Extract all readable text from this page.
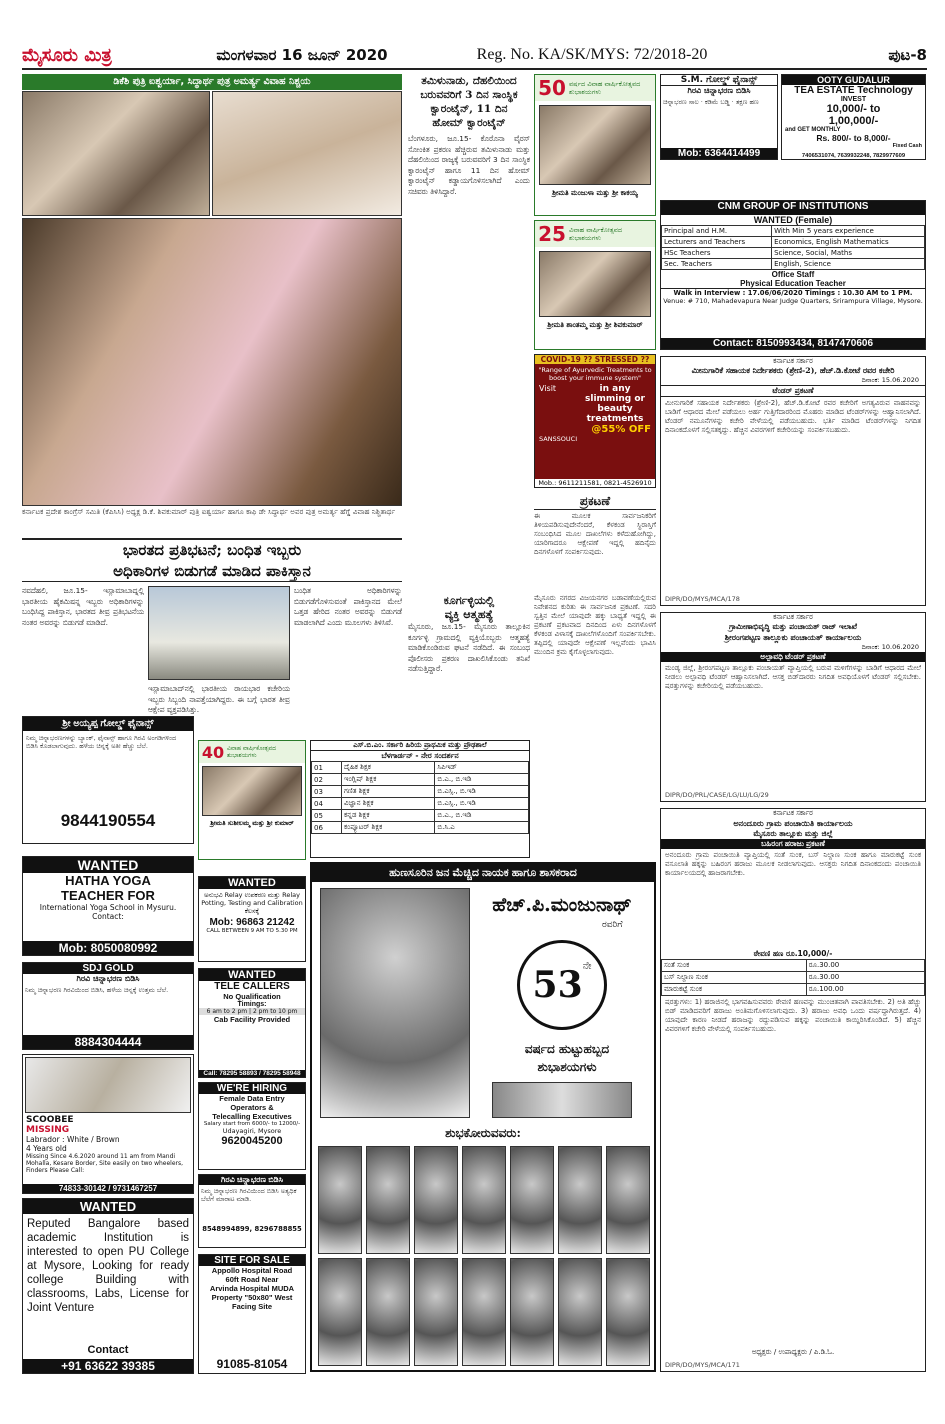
ಮೈಸೂರು ಮಿತ್ರ	ಮಂಗಳವಾರ 16 ಜೂನ್ 2020	Reg. No. KA/SK/MYS: 72/2018-20	ಪುಟ-8
ಡಿಕೆಶಿ ಪುತ್ರಿ ಐಶ್ವರ್ಯಾ, ಸಿದ್ಧಾರ್ಥ ಪುತ್ರ ಅಮರ್ತ್ಯ ವಿವಾಹ ನಿಶ್ಚಯ
ಕರ್ನಾಟಕ ಪ್ರದೇಶ ಕಾಂಗ್ರೆಸ್ ಸಮಿತಿ (ಕೆಪಿಸಿಸಿ) ಅಧ್ಯಕ್ಷ ಡಿ.ಕೆ. ಶಿವಕುಮಾರ್ ಪುತ್ರಿ ಐಶ್ವರ್ಯಾ ಹಾಗೂ ಕಾಫಿ ಡೇ ಸಿದ್ಧಾರ್ಥ ಅವರ ಪುತ್ರ ಅಮರ್ತ್ಯ ಹೆಗ್ಡೆ ವಿವಾಹ ನಿಶ್ಚಿತಾರ್ಥ
ತಮಿಳುನಾಡು, ದೆಹಲಿಯಿಂದ
ಬರುವವರಿಗೆ 3 ದಿನ ಸಾಂಸ್ಥಿಕ
ಕ್ವಾರಂಟೈನ್, 11 ದಿನ
ಹೋಮ್ ಕ್ವಾರಂಟೈನ್
ಬೆಂಗಳೂರು, ಜೂ.15- ಕೊರೊನಾ ವೈರಸ್ ಸೋಂಕಿತ ಪ್ರಕರಣ ಹೆಚ್ಚಿರುವ ತಮಿಳುನಾಡು ಮತ್ತು ದೆಹಲಿಯಿಂದ ರಾಜ್ಯಕ್ಕೆ ಬರುವವರಿಗೆ 3 ದಿನ ಸಾಂಸ್ಥಿಕ ಕ್ವಾರಂಟೈನ್ ಹಾಗೂ 11 ದಿನ ಹೋಮ್ ಕ್ವಾರಂಟೈನ್ ಕಡ್ಡಾಯಗೊಳಿಸಲಾಗಿದೆ ಎಂದು ಸಚಿವರು ತಿಳಿಸಿದ್ದಾರೆ.
50 ವರ್ಷದ ವಿವಾಹ ವಾರ್ಷಿಕೋತ್ಸವದ ಶುಭಾಶಯಗಳು
ಶ್ರೀಮತಿ ಮಂಜುಳಾ ಮತ್ತು ಶ್ರೀ ಕಾಕಯ್ಯ
25 ವಿವಾಹ ವಾರ್ಷಿಕೋತ್ಸವದ ಶುಭಾಶಯಗಳು
ಶ್ರೀಮತಿ ಶಾಂತಮ್ಮ ಮತ್ತು ಶ್ರೀ ಶಿವಕುಮಾರ್
COVID-19 ?? STRESSED ??
"Range of Ayurvedic Treatments to boost your immune system"
Visit	in any slimming or beauty treatments
@55% OFF
SANSSOUCI
Mob.: 9611211581, 0821-4526910
S.M. ಗೋಲ್ಡ್ ಫೈನಾನ್ಸ್
ಗಿರವಿ ಚಿನ್ನಾಭರಣ ಬಿಡಿಸಿ
ಚಿನ್ನಾಭರಣ ಸಾಲ · ಕಡಿಮೆ ಬಡ್ಡಿ · ತಕ್ಷಣ ಹಣ
Mob: 6364414499
OOTY GUDALUR
TEA ESTATE Technology
INVEST
10,000/- to
1,00,000/-
and GET MONTHLY
Rs. 800/- to 8,000/-
Fixed Cash
7406531074, 7639932248, 7829977609
CNM GROUP OF INSTITUTIONS
WANTED (Female)
Principal and H.M.	With Min 5 years experience
Lecturers and Teachers	Economics, English Mathematics
HSc Teachers	Science, Social, Maths
Sec. Teachers	English, Science
Office Staff
Physical Education Teacher
Walk in Interview : 17.06/06/2020 Timings : 10.30 AM to 1 PM.
Venue: # 710, Mahadevapura Near Judge Quarters, Srirampura Village, Mysore.
Contact: 8150993434, 8147470606
ಕರ್ನಾಟಕ ಸರ್ಕಾರ
ಮೀನುಗಾರಿಕೆ ಸಹಾಯಕ ನಿರ್ದೇಶಕರು (ಶ್ರೇಣಿ-2), ಹೆಚ್.ಡಿ.ಕೋಟೆ ರವರ ಕಚೇರಿ
ದಿನಾಂಕ: 15.06.2020
ಟೆಂಡರ್ ಪ್ರಕಟಣೆ
ಮೀನುಗಾರಿಕೆ ಸಹಾಯಕ ನಿರ್ದೇಶಕರು (ಶ್ರೇಣಿ-2), ಹೆಚ್.ಡಿ.ಕೋಟೆ ರವರ ಕಚೇರಿಗೆ ಅಗತ್ಯವಿರುವ ವಾಹನವನ್ನು ಬಾಡಿಗೆ ಆಧಾರದ ಮೇಲೆ ಪಡೆಯಲು ಅರ್ಹ ಗುತ್ತಿಗೆದಾರರಿಂದ ಮೊಹರು ಮಾಡಿದ ಟೆಂಡರ್‌ಗಳನ್ನು ಆಹ್ವಾನಿಸಲಾಗಿದೆ. ಟೆಂಡರ್ ನಮೂನೆಗಳನ್ನು ಕಚೇರಿ ವೇಳೆಯಲ್ಲಿ ಪಡೆಯಬಹುದು. ಭರ್ತಿ ಮಾಡಿದ ಟೆಂಡರ್‌ಗಳನ್ನು ನಿಗದಿತ ದಿನಾಂಕದೊಳಗೆ ಸಲ್ಲಿಸತಕ್ಕದ್ದು. ಹೆಚ್ಚಿನ ವಿವರಗಳಿಗೆ ಕಚೇರಿಯನ್ನು ಸಂಪರ್ಕಿಸಬಹುದು.
DIPR/DO/MYS/MCA/178
ಪ್ರಕಟಣೆ
ಈ ಮೂಲಕ ಸಾರ್ವಜನಿಕರಿಗೆ ತಿಳಿಯಪಡಿಸುವುದೇನೆಂದರೆ, ಕೆಳಕಂಡ ಸ್ಥಿರಾಸ್ತಿಗೆ ಸಂಬಂಧಿಸಿದ ಮೂಲ ದಾಖಲೆಗಳು ಕಳೆದುಹೋಗಿದ್ದು, ಯಾರಿಗಾದರೂ ಆಕ್ಷೇಪಣೆ ಇದ್ದಲ್ಲಿ ಹದಿನೈದು ದಿನಗಳೊಳಗೆ ಸಂಪರ್ಕಿಸುವುದು.
ಕೂರ್ಗಳ್ಳಿಯಲ್ಲಿ
ವ್ಯಕ್ತಿ ಆತ್ಮಹತ್ಯೆ
ಮೈಸೂರು, ಜೂ.15- ಮೈಸೂರು ತಾಲ್ಲೂಕಿನ ಕೂರ್ಗಳ್ಳಿ ಗ್ರಾಮದಲ್ಲಿ ವ್ಯಕ್ತಿಯೊಬ್ಬರು ಆತ್ಮಹತ್ಯೆ ಮಾಡಿಕೊಂಡಿರುವ ಘಟನೆ ನಡೆದಿದೆ. ಈ ಸಂಬಂಧ ಪೊಲೀಸರು ಪ್ರಕರಣ ದಾಖಲಿಸಿಕೊಂಡು ತನಿಖೆ ನಡೆಸುತ್ತಿದ್ದಾರೆ.
ಮೈಸೂರು ನಗರದ ವಿಜಯನಗರ ಬಡಾವಣೆಯಲ್ಲಿರುವ ನಿವೇಶನದ ಕುರಿತು ಈ ಸಾರ್ವಜನಿಕ ಪ್ರಕಟಣೆ. ಸದರಿ ಸ್ವತ್ತಿನ ಮೇಲೆ ಯಾವುದೇ ಹಕ್ಕು ಬಾಧ್ಯತೆ ಇದ್ದಲ್ಲಿ ಈ ಪ್ರಕಟಣೆ ಪ್ರಕಟವಾದ ದಿನದಿಂದ ಏಳು ದಿನಗಳೊಳಗೆ ಕೆಳಕಂಡ ವಿಳಾಸಕ್ಕೆ ದಾಖಲೆಗಳೊಂದಿಗೆ ಸಂಪರ್ಕಿಸಬೇಕು. ತಪ್ಪಿದಲ್ಲಿ ಯಾವುದೇ ಆಕ್ಷೇಪಣೆ ಇಲ್ಲವೆಂದು ಭಾವಿಸಿ ಮುಂದಿನ ಕ್ರಮ ಕೈಗೊಳ್ಳಲಾಗುವುದು.
ಭಾರತದ ಪ್ರತಿಭಟನೆ; ಬಂಧಿತ ಇಬ್ಬರು
ಅಧಿಕಾರಿಗಳ ಬಿಡುಗಡೆ ಮಾಡಿದ ಪಾಕಿಸ್ತಾನ
ನವದೆಹಲಿ, ಜೂ.15- ಇಸ್ಲಾಮಾಬಾದ್ನಲ್ಲಿ ಭಾರತೀಯ ಹೈಕಮಿಷನ್ನ ಇಬ್ಬರು ಅಧಿಕಾರಿಗಳನ್ನು ಬಂಧಿಸಿದ್ದ ಪಾಕಿಸ್ತಾನ, ಭಾರತದ ತೀವ್ರ ಪ್ರತಿಭಟನೆಯ ನಂತರ ಅವರನ್ನು ಬಿಡುಗಡೆ ಮಾಡಿದೆ.
ಇಸ್ಲಾಮಾಬಾದ್‌ನಲ್ಲಿ ಭಾರತೀಯ ರಾಯಭಾರ ಕಚೇರಿಯ ಇಬ್ಬರು ಸಿಬ್ಬಂದಿ ನಾಪತ್ತೆಯಾಗಿದ್ದರು. ಈ ಬಗ್ಗೆ ಭಾರತ ತೀವ್ರ ಆಕ್ಷೇಪ ವ್ಯಕ್ತಪಡಿಸಿತ್ತು.
ಬಂಧಿತ ಅಧಿಕಾರಿಗಳನ್ನು ಬಿಡುಗಡೆಗೊಳಿಸುವಂತೆ ಪಾಕಿಸ್ತಾನದ ಮೇಲೆ ಒತ್ತಡ ಹೇರಿದ ನಂತರ ಅವರನ್ನು ಬಿಡುಗಡೆ ಮಾಡಲಾಗಿದೆ ಎಂದು ಮೂಲಗಳು ತಿಳಿಸಿವೆ.
ಶ್ರೀ ಅಯ್ಯಪ್ಪ ಗೋಲ್ಡ್ ಫೈನಾನ್ಸ್
ನಿಮ್ಮ ಚಿನ್ನಾಭರಣಗಳನ್ನು ಬ್ಯಾಂಕ್, ಫೈನಾನ್ಸ್ ಹಾಗೂ ಗಿರವಿ ಅಂಗಡಿಗಳಿಂದ ಬಿಡಿಸಿ ಕೊಡಲಾಗುವುದು. ಹಳೆಯ ಚಿನ್ನಕ್ಕೆ ಅತೀ ಹೆಚ್ಚು ಬೆಲೆ.
9844190554
40 ವಿವಾಹ ವಾರ್ಷಿಕೋತ್ಸವದ ಶುಭಾಶಯಗಳು
ಶ್ರೀಮತಿ ಸುಶೀಲಮ್ಮ ಮತ್ತು ಶ್ರೀ ಕುಮಾರ್
ಎಸ್.ಬಿ.ಎಂ. ಸರ್ಕಾರಿ ಹಿರಿಯ ಪ್ರಾಥಮಿಕ ಮತ್ತು ಪ್ರೌಢಶಾಲೆ
ಬೆಳಗಾರ್ಡನ್ - ನೇರ ಸಂದರ್ಶನ
01	ದೈಹಿಕ ಶಿಕ್ಷಕ	ಸಿಪಿಇಡ್
02	ಇಂಗ್ಲಿಷ್ ಶಿಕ್ಷಕ	ಬಿ.ಎ., ಬಿ.ಇಡಿ
03	ಗಣಿತ ಶಿಕ್ಷಕ	ಬಿ.ಎಸ್ಸಿ., ಬಿ.ಇಡಿ
04	ವಿಜ್ಞಾನ ಶಿಕ್ಷಕ	ಬಿ.ಎಸ್ಸಿ., ಬಿ.ಇಡಿ
05	ಕನ್ನಡ ಶಿಕ್ಷಕ	ಬಿ.ಎ., ಬಿ.ಇಡಿ
06	ಕಂಪ್ಯೂಟರ್ ಶಿಕ್ಷಕ	ಬಿ.ಸಿ.ಎ
WANTED
HATHA YOGA
TEACHER FOR
International Yoga School in Mysuru. Contact:
Mob: 8050080992
WANTED
ಅನುಭವಿ Relay ಉಪಕರಣ ಮತ್ತು Relay Potting, Testing and Calibration ಕೆಲಸಕ್ಕೆ
Mob: 96863 21242
CALL BETWEEN 9 AM TO 5.30 PM
SDJ GOLD
ಗಿರವಿ ಚಿನ್ನಾಭರಣ ಬಿಡಿಸಿ
ನಿಮ್ಮ ಚಿನ್ನಾಭರಣ ಗಿರವಿಯಿಂದ ಬಿಡಿಸಿ, ಹಳೆಯ ಚಿನ್ನಕ್ಕೆ ಉತ್ತಮ ಬೆಲೆ.
8884304444
WANTED
TELE CALLERS
No Qualification
Timings:
6 am to 2 pm | 2 pm to 10 pm
Cab Facility Provided
Call: 78295 58893 / 78295 58948
SCOOBEE
MISSING
Labrador : White / Brown
4 Years old
Missing Since 4.6.2020 around 11 am from Mandi Mohalla, Kesare Border, Site easily on two wheelers, Finders Please Call:
74833-30142 / 9731467257
WE'RE HIRING
Female Data Entry
Operators &
Telecalling Executives
Salary start from 6000/- to 12000/-
Udayagiri, Mysore
9620045200
ಗಿರವಿ ಚಿನ್ನಾಭರಣ ಬಿಡಿಸಿ
ನಿಮ್ಮ ಚಿನ್ನಾಭರಣ ಗಿರವಿಯಿಂದ ಬಿಡಿಸಿ ಅತ್ಯಧಿಕ ಬೆಲೆಗೆ ಮಾರಾಟ ಮಾಡಿ.
8548994899, 8296788855
WANTED
Reputed Bangalore based academic Institution is interested to open PU College at Mysore, Looking for ready college Building with classrooms, Labs, License for Joint Venture
Contact
+91 63622 39385
SITE FOR SALE
Appollo Hospital Road
60ft Road Near
Arvinda Hospital MUDA
Property "50x80" West
Facing Site
91085-81054
ಹುಣಸೂರಿನ ಜನ ಮೆಚ್ಚಿದ ನಾಯಕ ಹಾಗೂ ಶಾಸಕರಾದ
ಹೆಚ್.ಪಿ.ಮಂಜುನಾಥ್
ರವರಿಗೆ
53 ನೇ
ವರ್ಷದ ಹುಟ್ಟುಹಬ್ಬದ
ಶುಭಾಶಯಗಳು
ಶುಭಕೋರುವವರು:
ಕರ್ನಾಟಕ ಸರ್ಕಾರ
ಗ್ರಾಮೀಣಾಭಿವೃದ್ಧಿ ಮತ್ತು ಪಂಚಾಯತ್ ರಾಜ್ ಇಲಾಖೆ
ಶ್ರೀರಂಗಪಟ್ಟಣ ತಾಲ್ಲೂಕು ಪಂಚಾಯತ್ ಕಾರ್ಯಾಲಯ
ದಿನಾಂಕ: 10.06.2020
ಅಲ್ಪಾವಧಿ ಟೆಂಡರ್ ಪ್ರಕಟಣೆ
ಮಂಡ್ಯ ಜಿಲ್ಲೆ, ಶ್ರೀರಂಗಪಟ್ಟಣ ತಾಲ್ಲೂಕು ಪಂಚಾಯತ್ ವ್ಯಾಪ್ತಿಯಲ್ಲಿ ಬರುವ ಮಳಿಗೆಗಳನ್ನು ಬಾಡಿಗೆ ಆಧಾರದ ಮೇಲೆ ನೀಡಲು ಅಲ್ಪಾವಧಿ ಟೆಂಡರ್ ಆಹ್ವಾನಿಸಲಾಗಿದೆ. ಆಸಕ್ತ ಬಿಡ್‌ದಾರರು ನಿಗದಿತ ಅವಧಿಯೊಳಗೆ ಟೆಂಡರ್ ಸಲ್ಲಿಸಬೇಕು. ಷರತ್ತುಗಳನ್ನು ಕಚೇರಿಯಲ್ಲಿ ಪಡೆಯಬಹುದು.
DIPR/DO/PRL/CASE/LG/LU/LG/29
ಕರ್ನಾಟಕ ಸರ್ಕಾರ
ಅನಂದೂರು ಗ್ರಾಮ ಪಂಚಾಯಿತಿ ಕಾರ್ಯಾಲಯ
ಮೈಸೂರು ತಾಲ್ಲೂಕು ಮತ್ತು ಜಿಲ್ಲೆ
ಬಹಿರಂಗ ಹರಾಜು ಪ್ರಕಟಣೆ
ಅನಂದೂರು ಗ್ರಾಮ ಪಂಚಾಯಿತಿ ವ್ಯಾಪ್ತಿಯಲ್ಲಿ ಸಂತೆ ಸುಂಕ, ಬಸ್ ನಿಲ್ದಾಣ ಸುಂಕ ಹಾಗೂ ಮಾರುಕಟ್ಟೆ ಸುಂಕ ವಸೂಲಾತಿ ಹಕ್ಕನ್ನು ಬಹಿರಂಗ ಹರಾಜು ಮೂಲಕ ನೀಡಲಾಗುವುದು. ಆಸಕ್ತರು ನಿಗದಿತ ದಿನಾಂಕದಂದು ಪಂಚಾಯಿತಿ ಕಾರ್ಯಾಲಯದಲ್ಲಿ ಹಾಜರಾಗಬೇಕು.
ಠೇವಣಿ ಹಣ ರೂ.10,000/-
ಸಂತೆ ಸುಂಕ	ರೂ.30.00
ಬಸ್ ನಿಲ್ದಾಣ ಸುಂಕ	ರೂ.30.00
ಮಾರುಕಟ್ಟೆ ಸುಂಕ	ರೂ.100.00
ಷರತ್ತುಗಳು: 1) ಹರಾಜಿನಲ್ಲಿ ಭಾಗವಹಿಸುವವರು ಠೇವಣಿ ಹಣವನ್ನು ಮುಂಚಿತವಾಗಿ ಪಾವತಿಸಬೇಕು. 2) ಅತಿ ಹೆಚ್ಚು ಬಿಡ್ ಮಾಡಿದವರಿಗೆ ಹರಾಜು ಅಂತಿಮಗೊಳಿಸಲಾಗುವುದು. 3) ಹರಾಜು ಅವಧಿ ಒಂದು ವರ್ಷದ್ದಾಗಿರುತ್ತದೆ. 4) ಯಾವುದೇ ಕಾರಣ ನೀಡದೆ ಹರಾಜನ್ನು ರದ್ದುಪಡಿಸುವ ಹಕ್ಕನ್ನು ಪಂಚಾಯಿತಿ ಕಾಯ್ದಿರಿಸಿಕೊಂಡಿದೆ. 5) ಹೆಚ್ಚಿನ ವಿವರಗಳಿಗೆ ಕಚೇರಿ ವೇಳೆಯಲ್ಲಿ ಸಂಪರ್ಕಿಸಬಹುದು.
ಅಧ್ಯಕ್ಷರು / ಉಪಾಧ್ಯಕ್ಷರು / ಪಿ.ಡಿ.ಓ.
DIPR/DO/MYS/MCA/171
